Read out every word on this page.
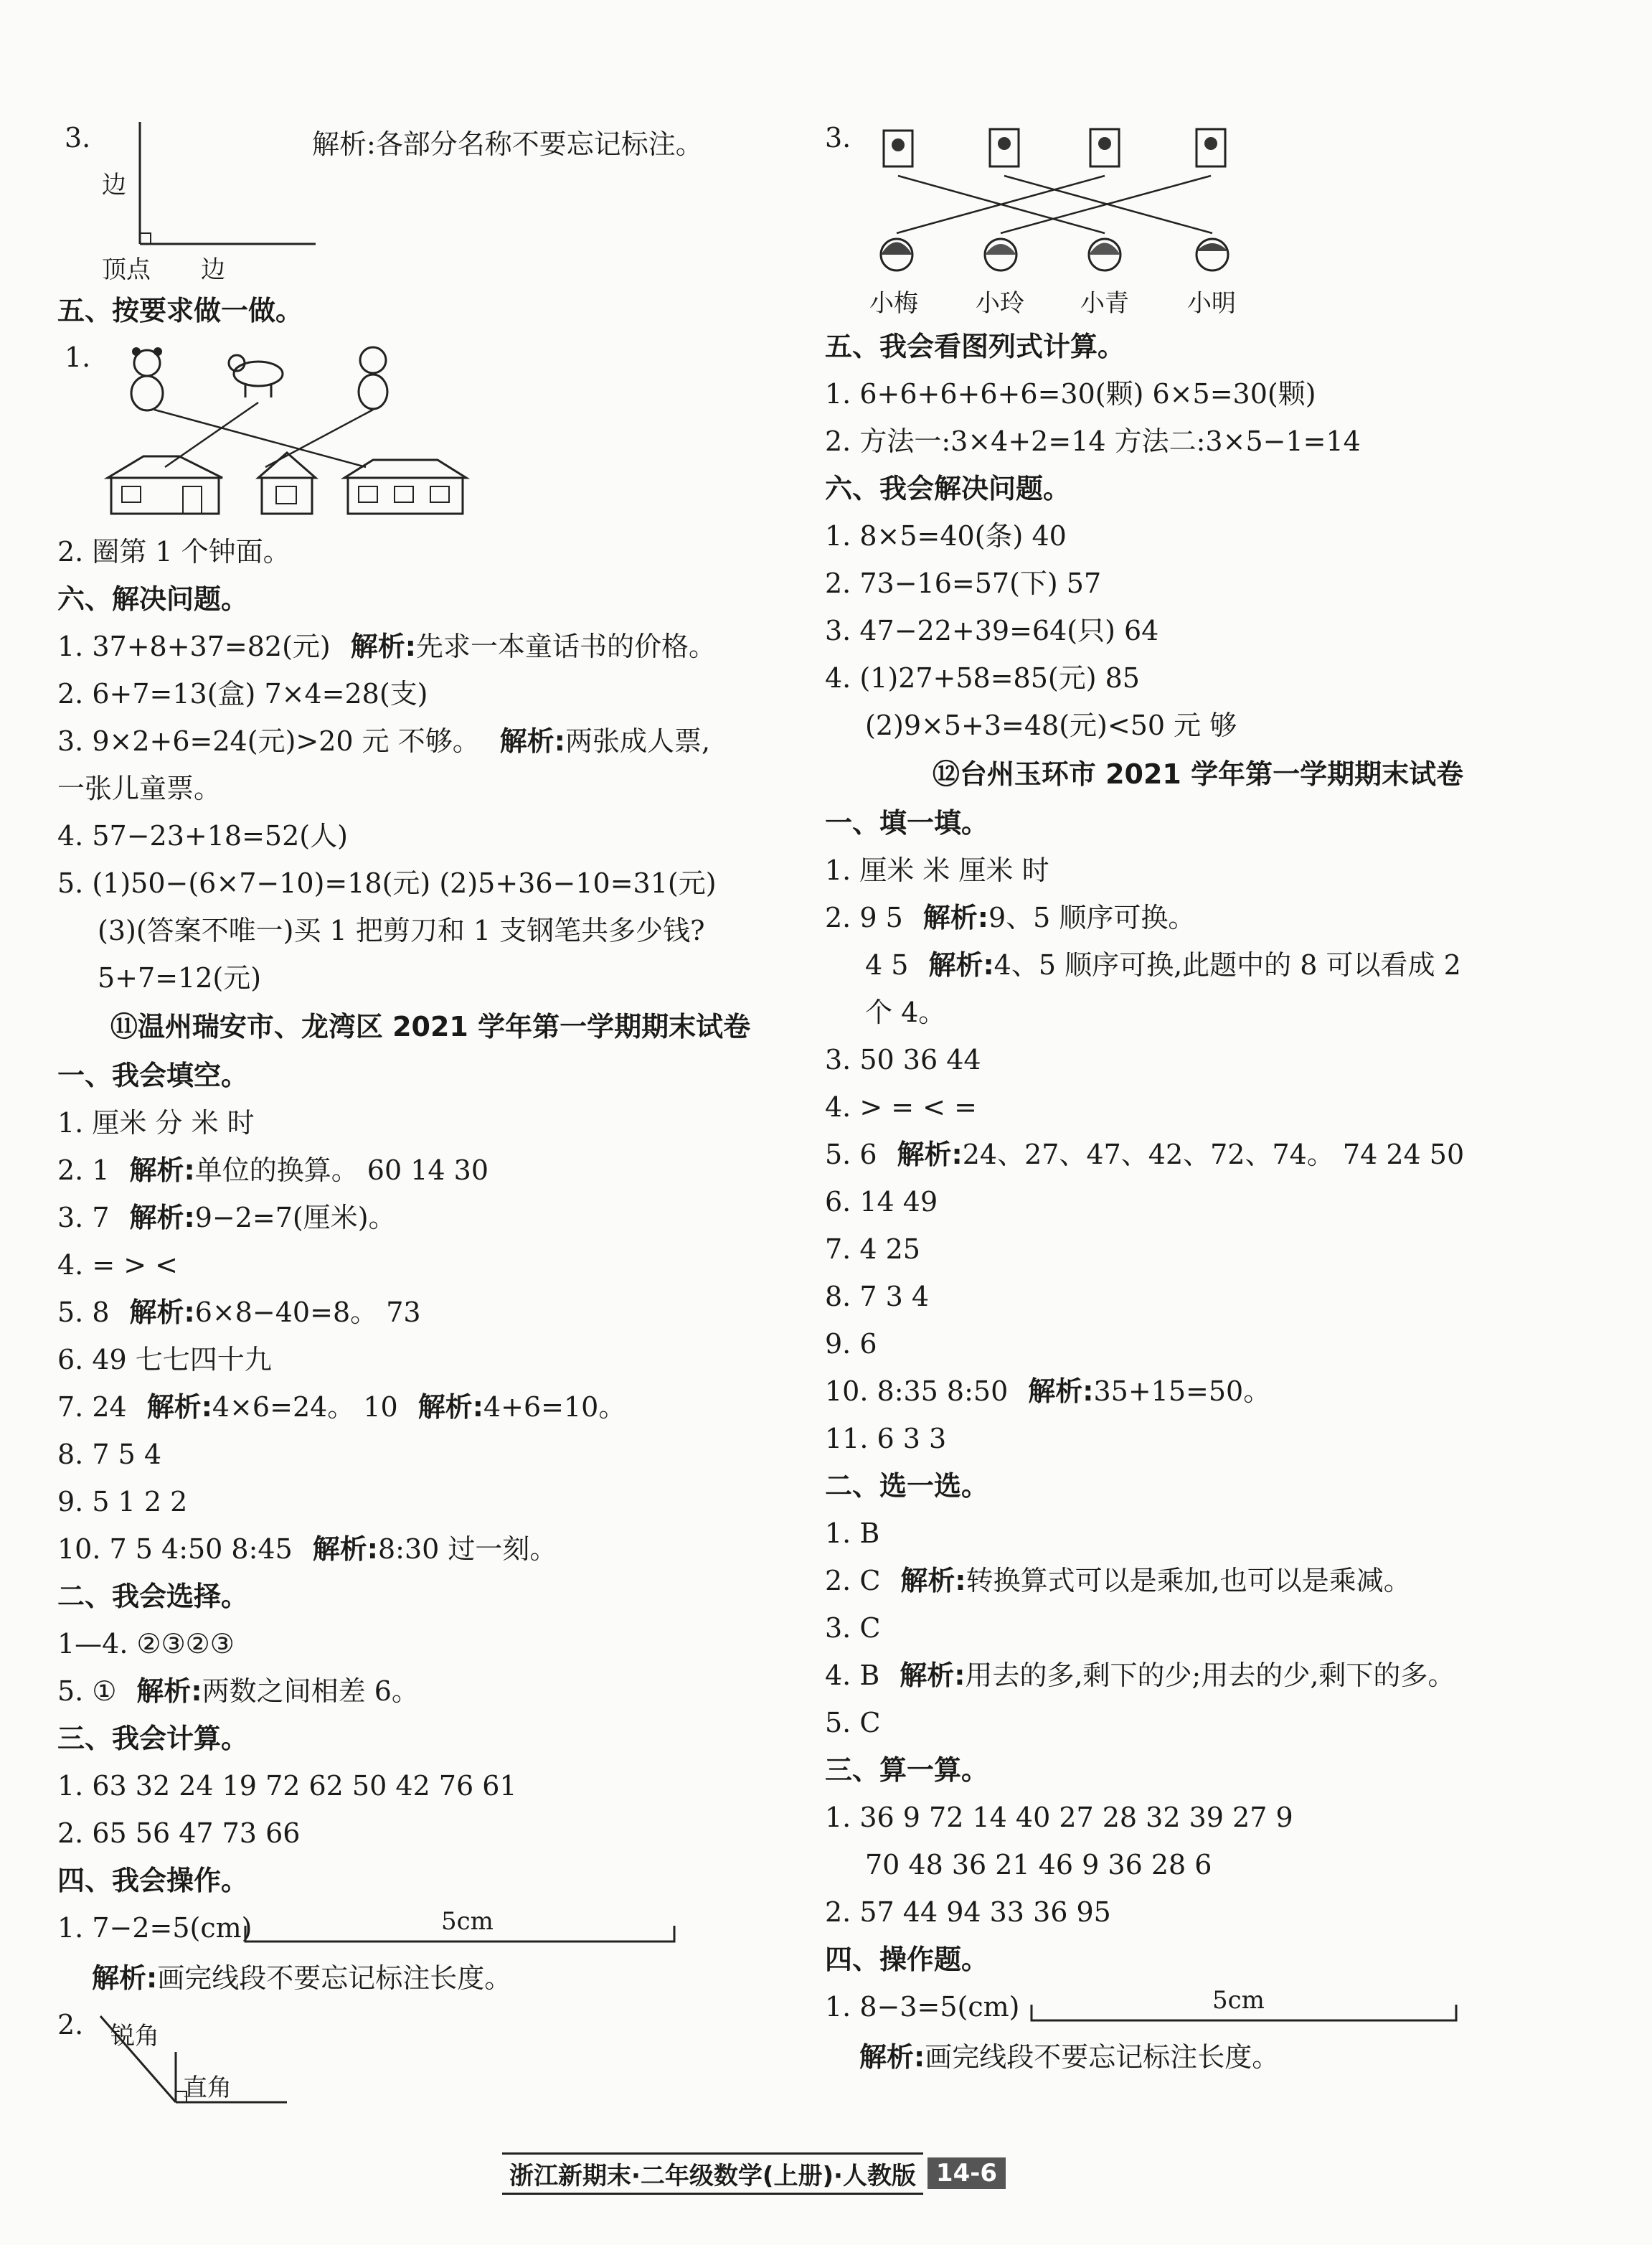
3.
边
顶点 边
解析:各部分名称不要忘记标注。
五、按要求做一做。
1.
2. 圈第 1 个钟面。
六、解决问题。
1. 37+8+37=82(元) 解析:先求一本童话书的价格。
2. 6+7=13(盒) 7×4=28(支)
3. 9×2+6=24(元)>20 元 不够。 解析:两张成人票,
一张儿童票。
4. 57−23+18=52(人)
5. (1)50−(6×7−10)=18(元) (2)5+36−10=31(元)
(3)(答案不唯一)买 1 把剪刀和 1 支钢笔共多少钱?
5+7=12(元)
⑪温州瑞安市、龙湾区 2021 学年第一学期期末试卷
一、我会填空。
1. 厘米 分 米 时
2. 1 解析:单位的换算。 60 14 30
3. 7 解析:9−2=7(厘米)。
4. = > <
5. 8 解析:6×8−40=8。 73
6. 49 七七四十九
7. 24 解析:4×6=24。 10 解析:4+6=10。
8. 7 5 4
9. 5 1 2 2
10. 7 5 4:50 8:45 解析:8:30 过一刻。
二、我会选择。
1—4. ②③②③
5. ① 解析:两数之间相差 6。
三、我会计算。
1. 63 32 24 19 72 62 50 42 76 61
2. 65 56 47 73 66
四、我会操作。
1. 7−2=5(cm)	5cm
解析:画完线段不要忘记标注长度。
2. 锐角
直角
3.
小梅 小玲 小青 小明
五、我会看图列式计算。
1. 6+6+6+6+6=30(颗) 6×5=30(颗)
2. 方法一:3×4+2=14 方法二:3×5−1=14
六、我会解决问题。
1. 8×5=40(条) 40
2. 73−16=57(下) 57
3. 47−22+39=64(只) 64
4. (1)27+58=85(元) 85
(2)9×5+3=48(元)<50 元 够
⑫台州玉环市 2021 学年第一学期期末试卷
一、填一填。
1. 厘米 米 厘米 时
2. 9 5 解析:9、5 顺序可换。
4 5 解析:4、5 顺序可换,此题中的 8 可以看成 2
个 4。
3. 50 36 44
4. > = < =
5. 6 解析:24、27、47、42、72、74。 74 24 50
6. 14 49
7. 4 25
8. 7 3 4
9. 6
10. 8:35 8:50 解析:35+15=50。
11. 6 3 3
二、选一选。
1. B
2. C 解析:转换算式可以是乘加,也可以是乘减。
3. C
4. B 解析:用去的多,剩下的少;用去的少,剩下的多。
5. C
三、算一算。
1. 36 9 72 14 40 27 28 32 39 27 9
70 48 36 21 46 9 36 28 6
2. 57 44 94 33 36 95
四、操作题。
1. 8−3=5(cm)	5cm
解析:画完线段不要忘记标注长度。
浙江新期末·二年级数学(上册)·人教版 14-6
